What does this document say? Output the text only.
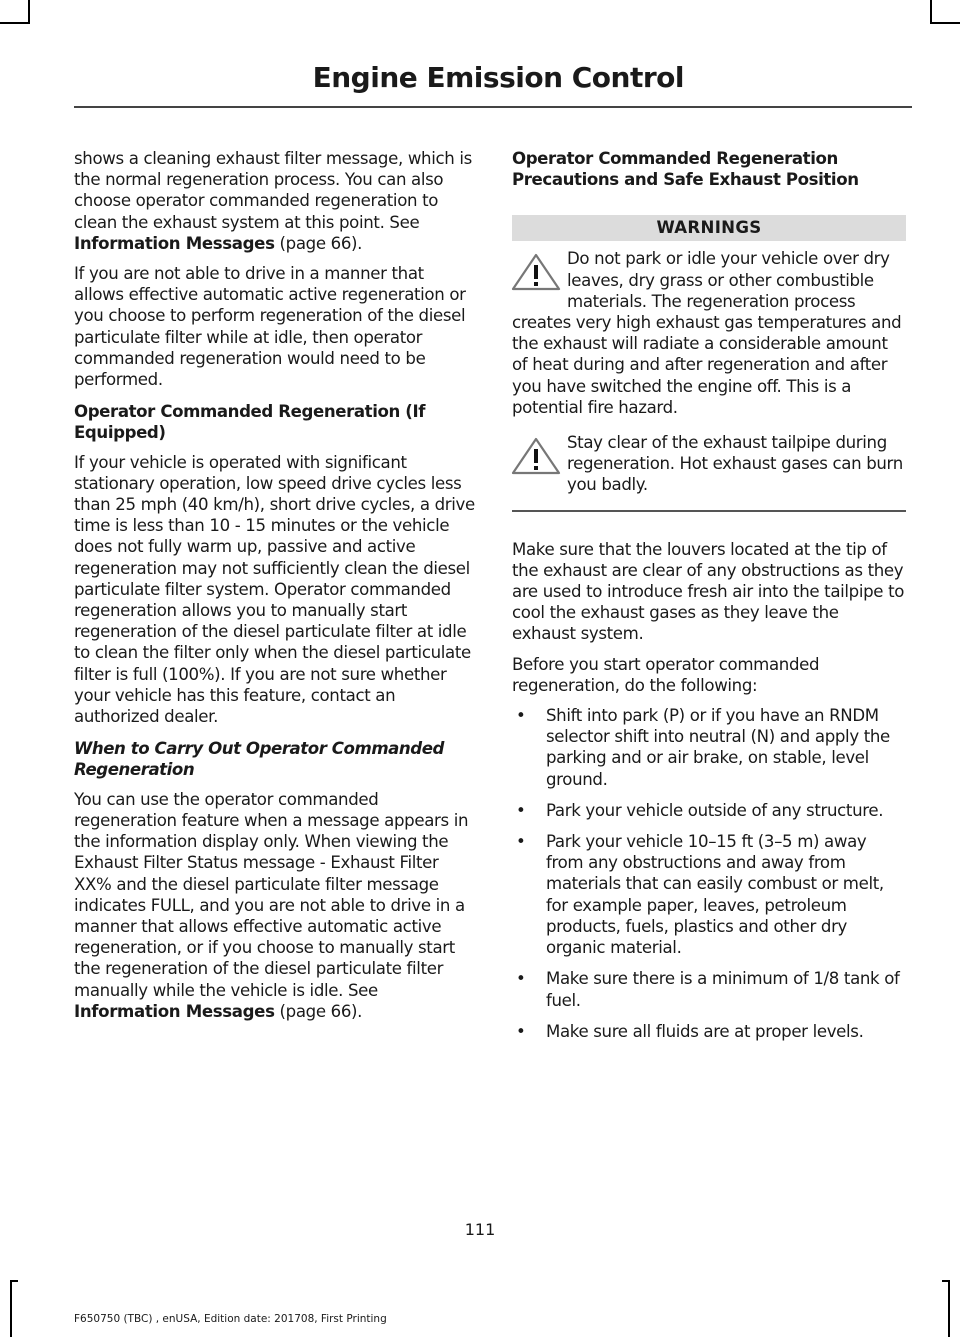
Engine Emission Control

shows a cleaning exhaust filter message, which is the normal regeneration process. You can also choose operator commanded regeneration to clean the exhaust system at this point. See Information Messages (page 66).

If you are not able to drive in a manner that allows effective automatic active regeneration or you choose to perform regeneration of the diesel particulate filter while at idle, then operator commanded regeneration would need to be performed.

Operator Commanded Regeneration (If Equipped)

If your vehicle is operated with significant stationary operation, low speed drive cycles less than 25 mph (40 km/h), short drive cycles, a drive time is less than 10 - 15 minutes or the vehicle does not fully warm up, passive and active regeneration may not sufficiently clean the diesel particulate filter system. Operator commanded regeneration allows you to manually start regeneration of the diesel particulate filter at idle to clean the filter only when the diesel particulate filter is full (100%). If you are not sure whether your vehicle has this feature, contact an authorized dealer.

When to Carry Out Operator Commanded Regeneration

You can use the operator commanded regeneration feature when a message appears in the information display only. When viewing the Exhaust Filter Status message - Exhaust Filter XX% and the diesel particulate filter message indicates FULL, and you are not able to drive in a manner that allows effective automatic active regeneration, or if you choose to manually start the regeneration of the diesel particulate filter manually while the vehicle is idle. See Information Messages (page 66).

Operator Commanded Regeneration Precautions and Safe Exhaust Position
WARNINGS
Do not park or idle your vehicle over dry leaves, dry grass or other combustible materials. The regeneration process creates very high exhaust gas temperatures and the exhaust will radiate a considerable amount of heat during and after regeneration and after you have switched the engine off. This is a potential fire hazard.
Stay clear of the exhaust tailpipe during regeneration. Hot exhaust gases can burn you badly.

Make sure that the louvers located at the tip of the exhaust are clear of any obstructions as they are used to introduce fresh air into the tailpipe to cool the exhaust gases as they leave the exhaust system.

Before you start operator commanded regeneration, do the following:

• Shift into park (P) or if you have an RNDM selector shift into neutral (N) and apply the parking and or air brake, on stable, level ground.
• Park your vehicle outside of any structure.
• Park your vehicle 10–15 ft (3–5 m) away from any obstructions and away from materials that can easily combust or melt, for example paper, leaves, petroleum products, fuels, plastics and other dry organic material.
• Make sure there is a minimum of 1/8 tank of fuel.
• Make sure all fluids are at proper levels.
111
F650750 (TBC) , enUSA, Edition date: 201708, First Printing
